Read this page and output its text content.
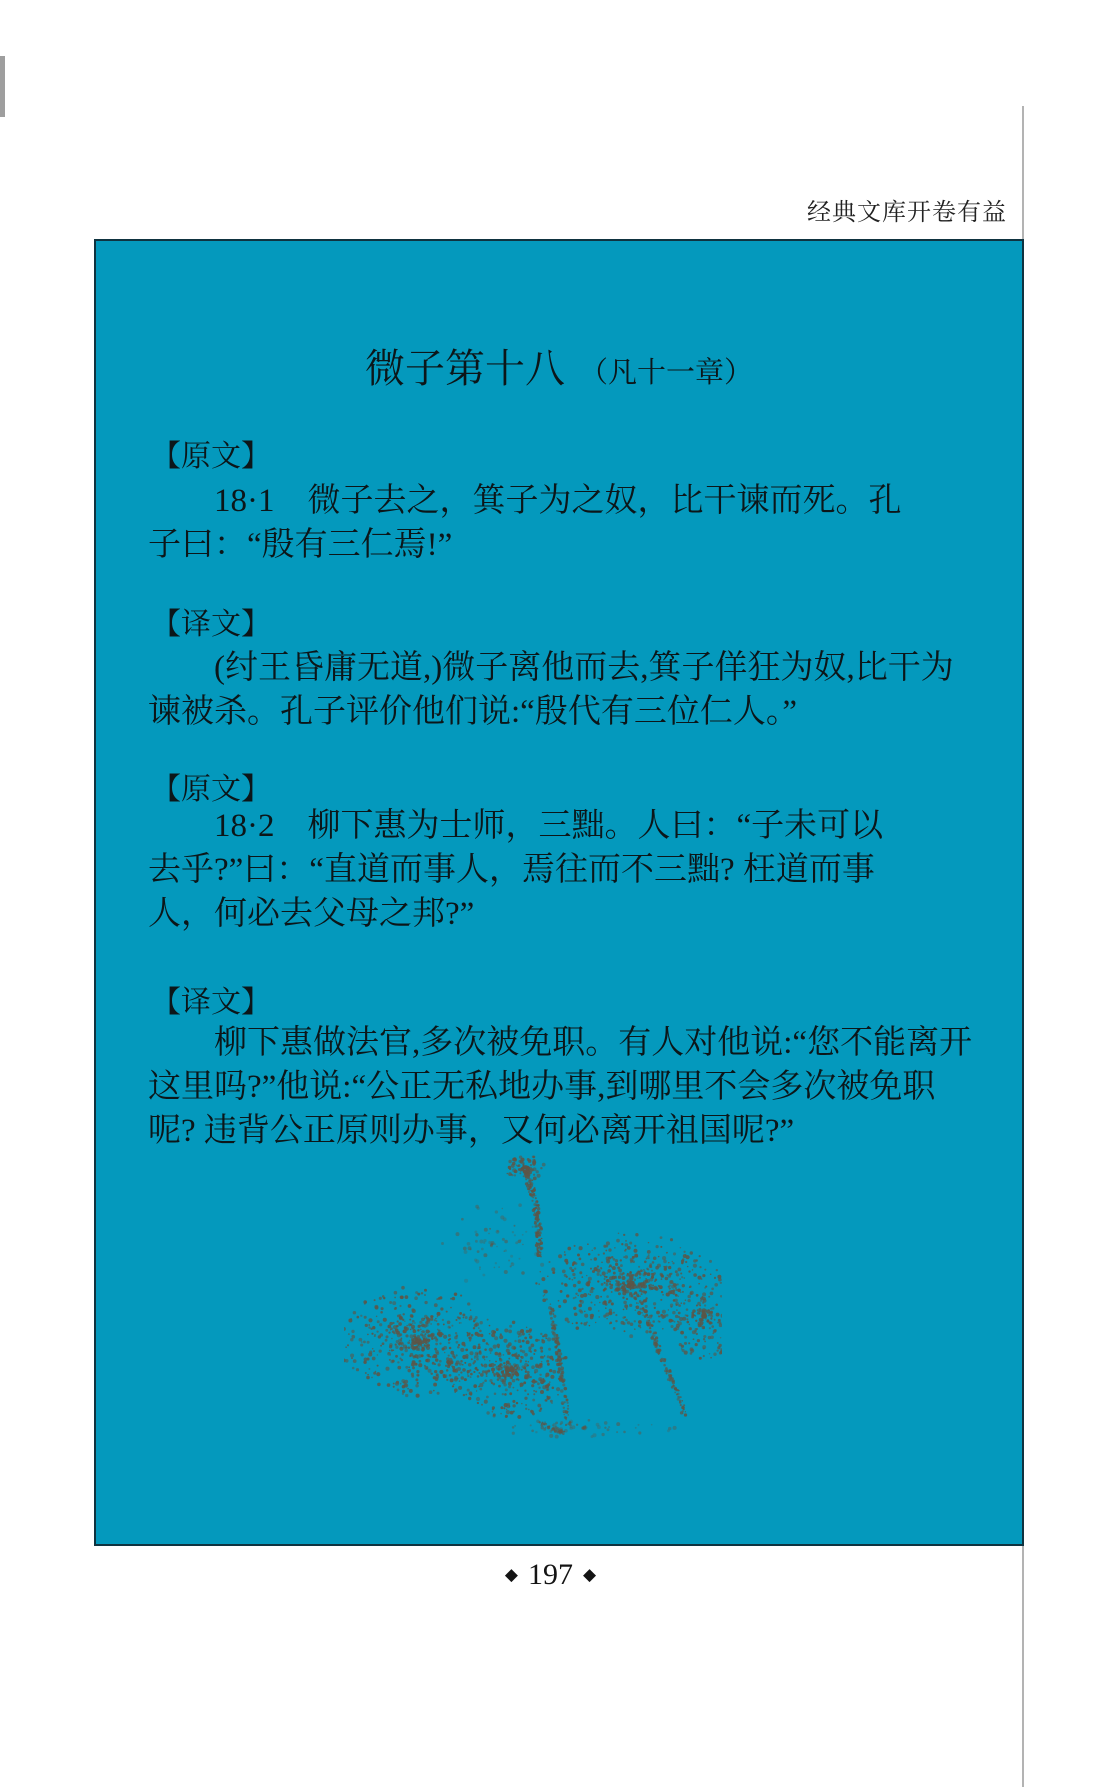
经典文库开卷有益
微子第十八 （凡十一章）
【原文】
18·1　微子去之，箕子为之奴，比干谏而死。孔
子曰：“殷有三仁焉!”
【译文】
(纣王昏庸无道,)微子离他而去,箕子佯狂为奴,比干为
谏被杀。孔子评价他们说:“殷代有三位仁人。”
【原文】
18·2　柳下惠为士师，三黜。人曰：“子未可以
去乎?”曰：“直道而事人，焉往而不三黜? 枉道而事
人，何必去父母之邦?”
【译文】
柳下惠做法官,多次被免职。有人对他说:“您不能离开
这里吗?”他说:“公正无私地办事,到哪里不会多次被免职
呢? 违背公正原则办事，又何必离开祖国呢?”
◆ 197 ◆
